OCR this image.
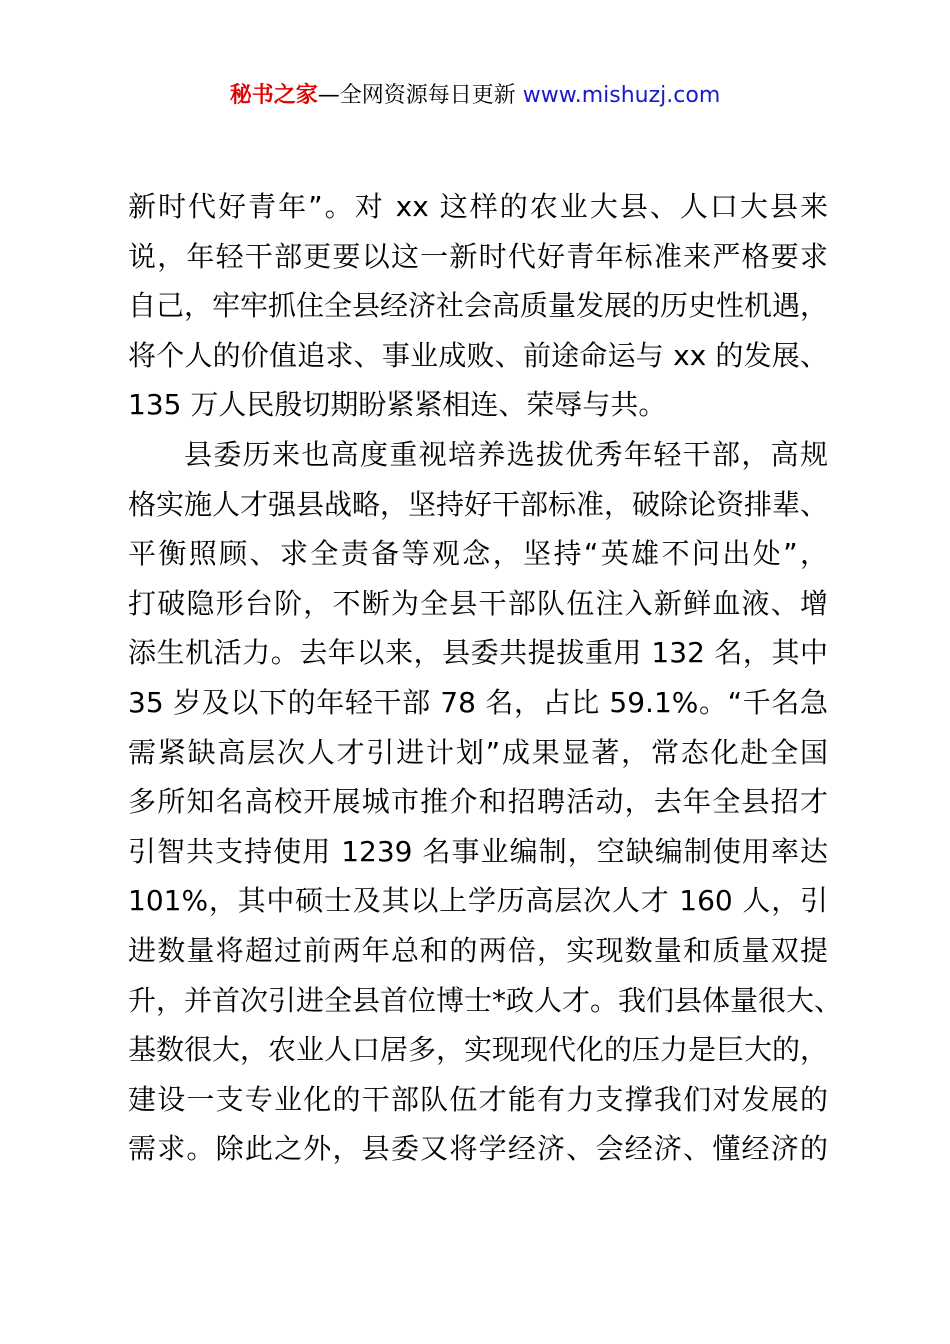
秘书之家—全网资源每日更新 www.mishuzj.com
新时代好青年”。对 xx 这样的农业大县、人口大县来
说，年轻干部更要以这一新时代好青年标准来严格要求
自己，牢牢抓住全县经济社会高质量发展的历史性机遇，
将个人的价值追求、事业成败、前途命运与 xx 的发展、
135 万人民殷切期盼紧紧相连、荣辱与共。
县委历来也高度重视培养选拔优秀年轻干部，高规
格实施人才强县战略，坚持好干部标准，破除论资排辈、
平衡照顾、求全责备等观念，坚持“英雄不问出处”，
打破隐形台阶，不断为全县干部队伍注入新鲜血液、增
添生机活力。去年以来，县委共提拔重用 132 名，其中
35 岁及以下的年轻干部 78 名，占比 59.1%。“千名急
需紧缺高层次人才引进计划”成果显著，常态化赴全国
多所知名高校开展城市推介和招聘活动，去年全县招才
引智共支持使用 1239 名事业编制，空缺编制使用率达
101%，其中硕士及其以上学历高层次人才 160 人，引
进数量将超过前两年总和的两倍，实现数量和质量双提
升，并首次引进全县首位博士*政人才。我们县体量很大、
基数很大，农业人口居多，实现现代化的压力是巨大的，
建设一支专业化的干部队伍才能有力支撑我们对发展的
需求。除此之外，县委又将学经济、会经济、懂经济的
